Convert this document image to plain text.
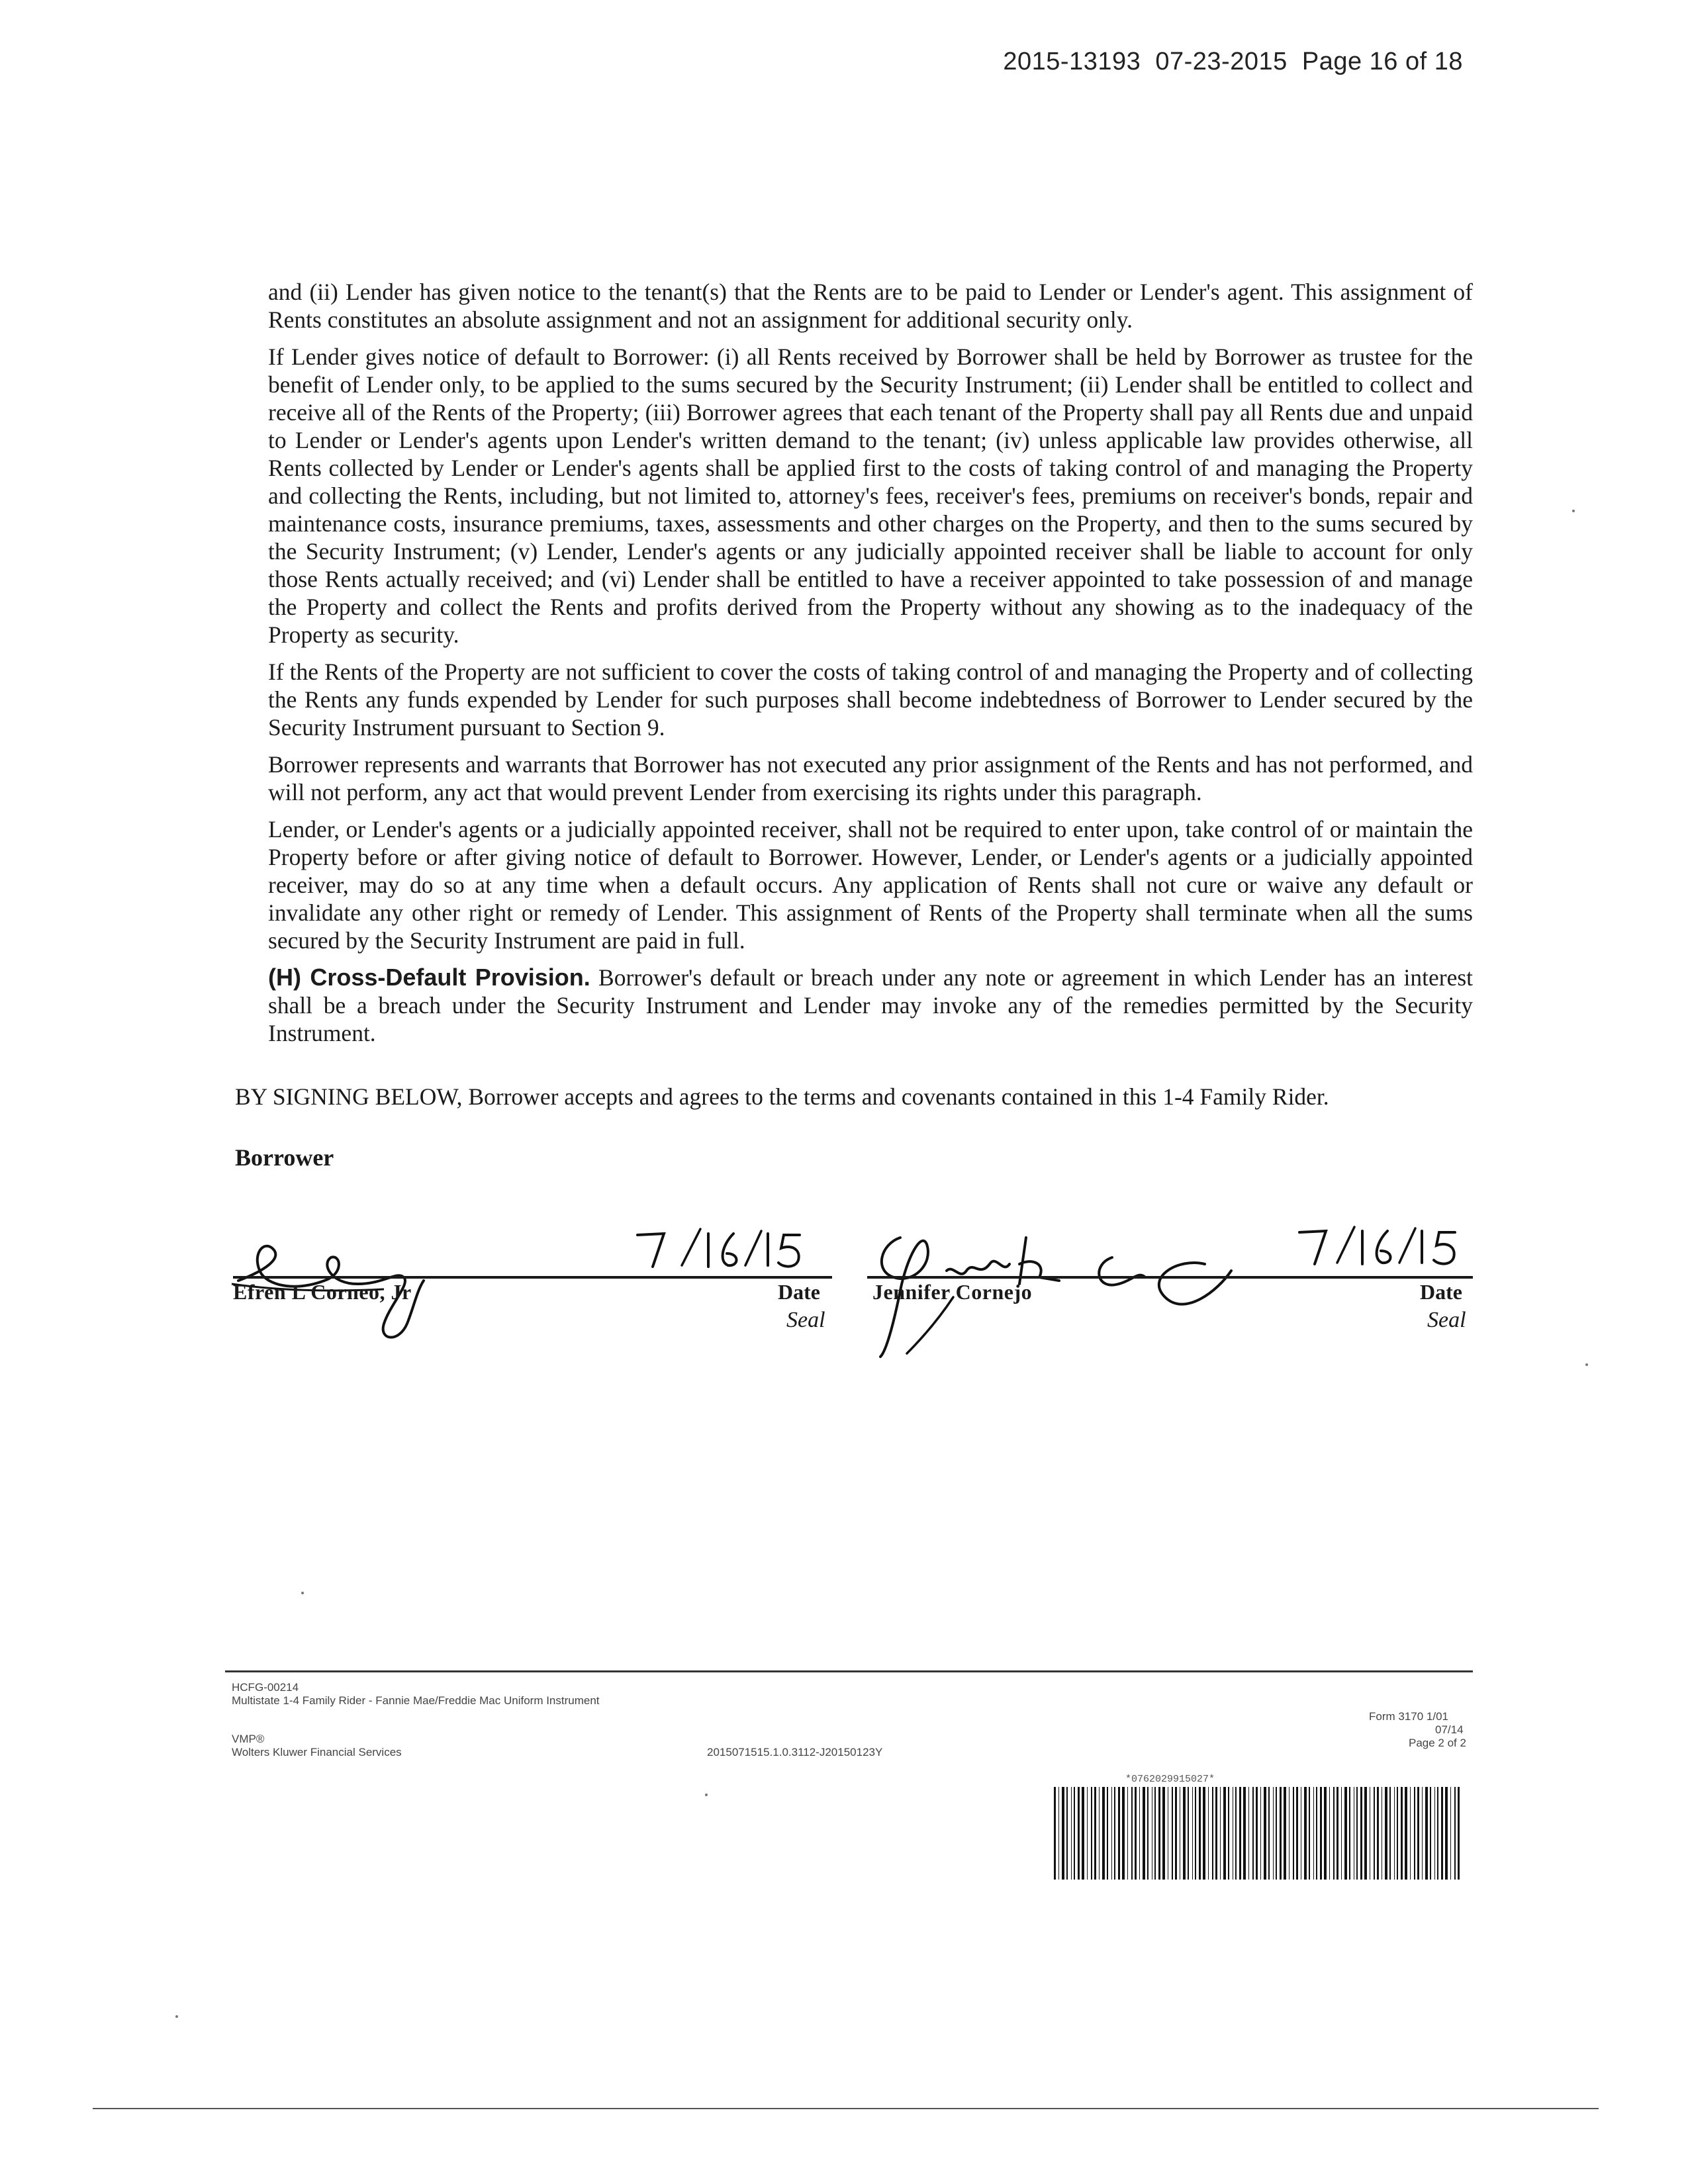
2015-13193  07-23-2015  Page 16 of 18

and (ii) Lender has given notice to the tenant(s) that the Rents are to be paid to Lender or Lender's agent. This assignment of Rents constitutes an absolute assignment and not an assignment for additional security only.

If Lender gives notice of default to Borrower: (i) all Rents received by Borrower shall be held by Borrower as trustee for the benefit of Lender only, to be applied to the sums secured by the Security Instrument; (ii) Lender shall be entitled to collect and receive all of the Rents of the Property; (iii) Borrower agrees that each tenant of the Property shall pay all Rents due and unpaid to Lender or Lender's agents upon Lender's written demand to the tenant; (iv) unless applicable law provides otherwise, all Rents collected by Lender or Lender's agents shall be applied first to the costs of taking control of and managing the Property and collecting the Rents, including, but not limited to, attorney's fees, receiver's fees, premiums on receiver's bonds, repair and maintenance costs, insurance premiums, taxes, assessments and other charges on the Property, and then to the sums secured by the Security Instrument; (v) Lender, Lender's agents or any judicially appointed receiver shall be liable to account for only those Rents actually received; and (vi) Lender shall be entitled to have a receiver appointed to take possession of and manage the Property and collect the Rents and profits derived from the Property without any showing as to the inadequacy of the Property as security.

If the Rents of the Property are not sufficient to cover the costs of taking control of and managing the Property and of collecting the Rents any funds expended by Lender for such purposes shall become indebtedness of Borrower to Lender secured by the Security Instrument pursuant to Section 9.

Borrower represents and warrants that Borrower has not executed any prior assignment of the Rents and has not performed, and will not perform, any act that would prevent Lender from exercising its rights under this paragraph.

Lender, or Lender's agents or a judicially appointed receiver, shall not be required to enter upon, take control of or maintain the Property before or after giving notice of default to Borrower. However, Lender, or Lender's agents or a judicially appointed receiver, may do so at any time when a default occurs. Any application of Rents shall not cure or waive any default or invalidate any other right or remedy of Lender. This assignment of Rents of the Property shall terminate when all the sums secured by the Security Instrument are paid in full.

(H) Cross-Default Provision. Borrower's default or breach under any note or agreement in which Lender has an interest shall be a breach under the Security Instrument and Lender may invoke any of the remedies permitted by the Security Instrument.

BY SIGNING BELOW, Borrower accepts and agrees to the terms and covenants contained in this 1-4 Family Rider.
Borrower
Efren L Corneo, Jr	Date
Seal
Jennifer Cornejo	Date
Seal
HCFG-00214
Multistate 1-4 Family Rider - Fannie Mae/Freddie Mac Uniform Instrument
VMP®
Wolters Kluwer Financial Services	2015071515.1.0.3112-J20150123Y
Form 3170 1/01
07/14
Page 2 of 2
*0762029915027*
